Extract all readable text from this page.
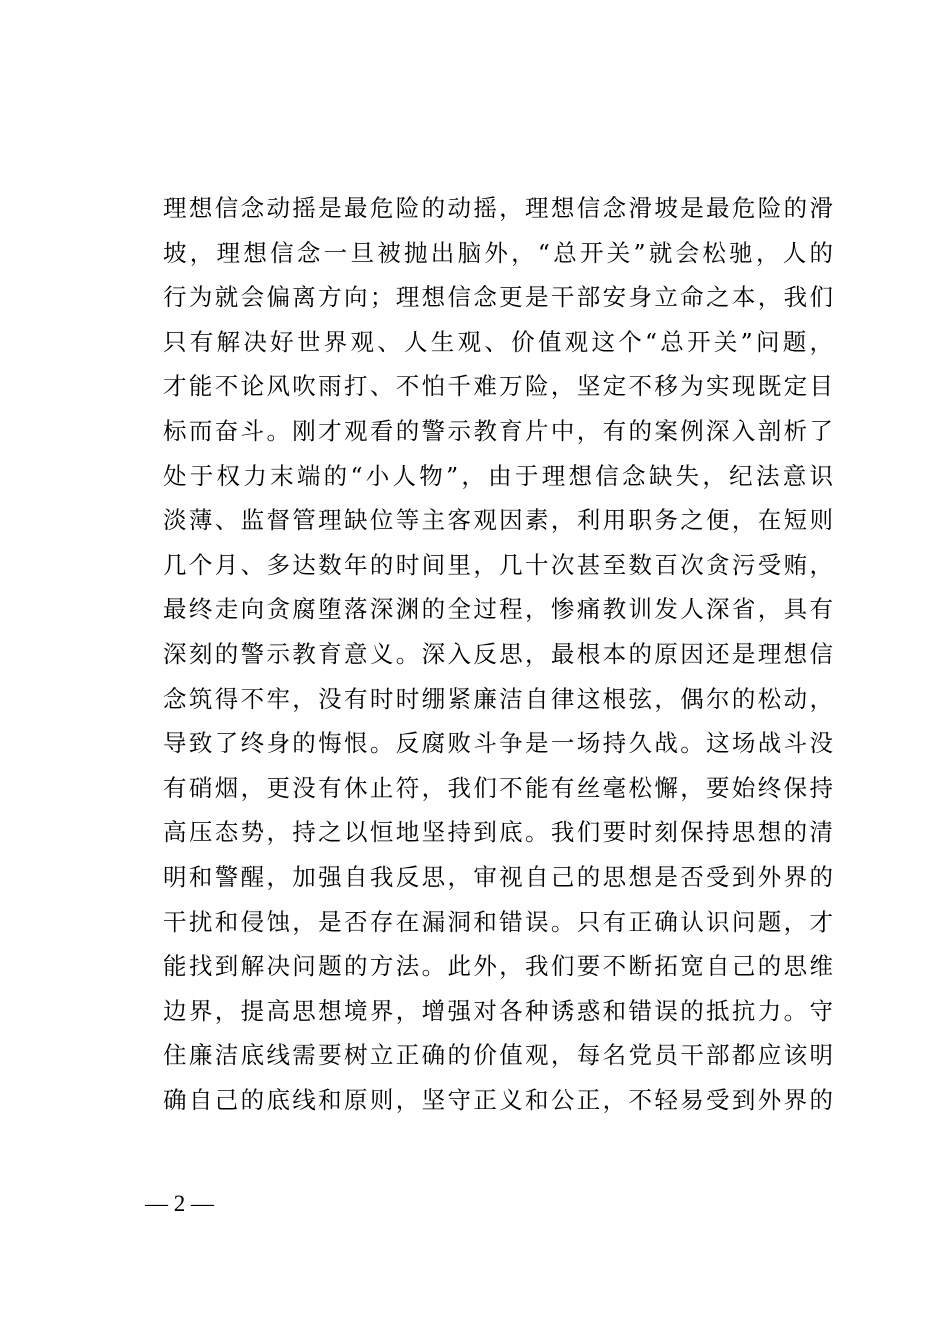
理想信念动摇是最危险的动摇，理想信念滑坡是最危险的滑
坡，理想信念一旦被抛出脑外，“总开关”就会松驰，人的
行为就会偏离方向；理想信念更是干部安身立命之本，我们
只有解决好世界观、人生观、价值观这个“总开关”问题，
才能不论风吹雨打、不怕千难万险，坚定不移为实现既定目
标而奋斗。刚才观看的警示教育片中，有的案例深入剖析了
处于权力末端的“小人物”，由于理想信念缺失，纪法意识
淡薄、监督管理缺位等主客观因素，利用职务之便，在短则
几个月、多达数年的时间里，几十次甚至数百次贪污受贿，
最终走向贪腐堕落深渊的全过程，惨痛教训发人深省，具有
深刻的警示教育意义。深入反思，最根本的原因还是理想信
念筑得不牢，没有时时绷紧廉洁自律这根弦，偶尔的松动，
导致了终身的悔恨。反腐败斗争是一场持久战。这场战斗没
有硝烟，更没有休止符，我们不能有丝毫松懈，要始终保持
高压态势，持之以恒地坚持到底。我们要时刻保持思想的清
明和警醒，加强自我反思，审视自己的思想是否受到外界的
干扰和侵蚀，是否存在漏洞和错误。只有正确认识问题，才
能找到解决问题的方法。此外，我们要不断拓宽自己的思维
边界，提高思想境界，增强对各种诱惑和错误的抵抗力。守
住廉洁底线需要树立正确的价值观，每名党员干部都应该明
确自己的底线和原则，坚守正义和公正，不轻易受到外界的
— 2 —
